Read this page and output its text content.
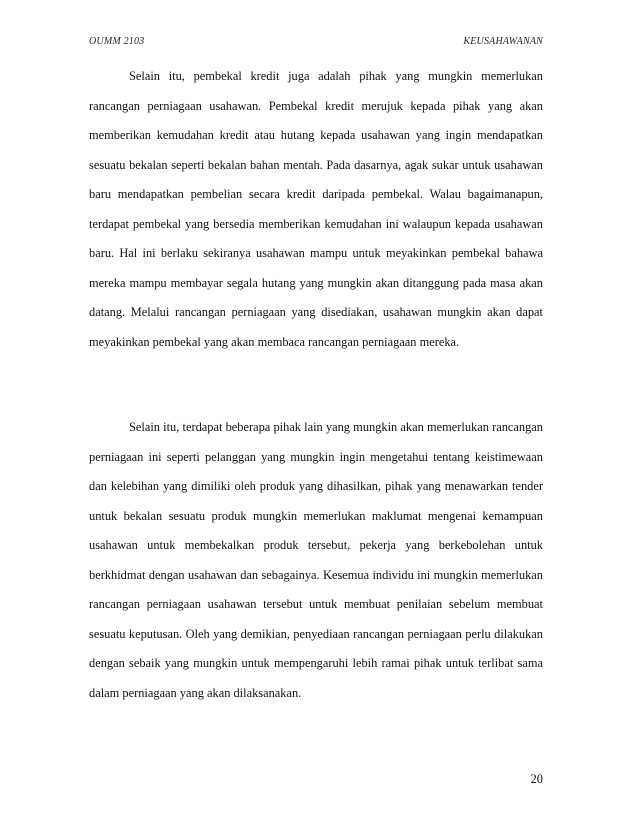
OUMM 2103	KEUSAHAWANAN

Selain itu, pembekal kredit juga adalah pihak yang mungkin memerlukan rancangan perniagaan usahawan. Pembekal kredit merujuk kepada pihak yang akan memberikan kemudahan kredit atau hutang kepada usahawan yang ingin mendapatkan sesuatu bekalan seperti bekalan bahan mentah. Pada dasarnya, agak sukar untuk usahawan baru mendapatkan pembelian secara kredit daripada pembekal. Walau bagaimanapun, terdapat pembekal yang bersedia memberikan kemudahan ini walaupun kepada usahawan baru. Hal ini berlaku sekiranya usahawan mampu untuk meyakinkan pembekal bahawa mereka mampu membayar segala hutang yang mungkin akan ditanggung pada masa akan datang. Melalui rancangan perniagaan yang disediakan, usahawan mungkin akan dapat meyakinkan pembekal yang akan membaca rancangan perniagaan mereka.

Selain itu, terdapat beberapa pihak lain yang mungkin akan memerlukan rancangan perniagaan ini seperti pelanggan yang mungkin ingin mengetahui tentang keistimewaan dan kelebihan yang dimiliki oleh produk yang dihasilkan, pihak yang menawarkan tender untuk bekalan sesuatu produk mungkin memerlukan maklumat mengenai kemampuan usahawan untuk membekalkan produk tersebut, pekerja yang berkebolehan untuk berkhidmat dengan usahawan dan sebagainya. Kesemua individu ini mungkin memerlukan rancangan perniagaan usahawan tersebut untuk membuat penilaian sebelum membuat sesuatu keputusan. Oleh yang demikian, penyediaan rancangan perniagaan perlu dilakukan dengan sebaik yang mungkin untuk mempengaruhi lebih ramai pihak untuk terlibat sama dalam perniagaan yang akan dilaksanakan.

20
